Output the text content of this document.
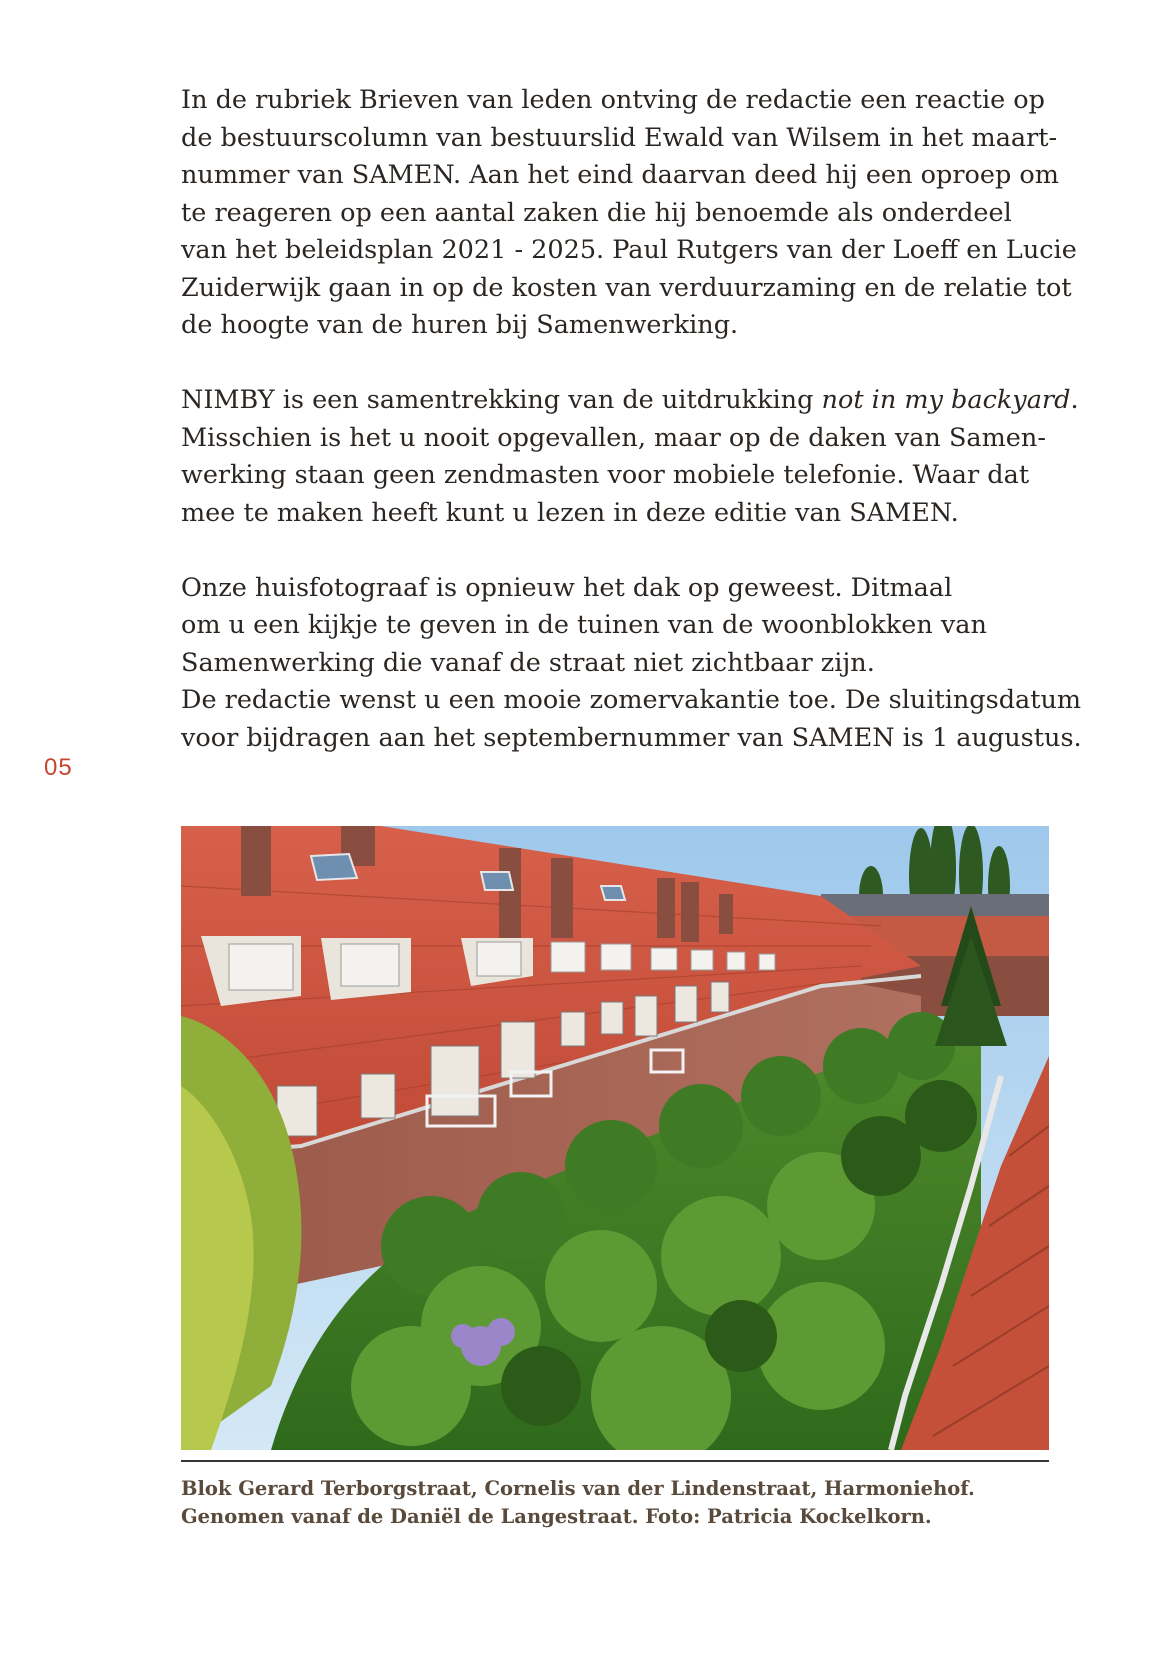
05

In de rubriek Brieven van leden ontving de redactie een reactie op
de bestuurscolumn van bestuurslid Ewald van Wilsem in het maart-
nummer van SAMEN. Aan het eind daarvan deed hij een oproep om
te reageren op een aantal zaken die hij benoemde als onderdeel
van het beleidsplan 2021 - 2025. Paul Rutgers van der Loeff en Lucie
Zuiderwijk gaan in op de kosten van verduurzaming en de relatie tot
de hoogte van de huren bij Samenwerking.

NIMBY is een samentrekking van de uitdrukking not in my backyard.
Misschien is het u nooit opgevallen, maar op de daken van Samen-
werking staan geen zendmasten voor mobiele telefonie. Waar dat
mee te maken heeft kunt u lezen in deze editie van SAMEN.

Onze huisfotograaf is opnieuw het dak op geweest. Ditmaal
om u een kijkje te geven in de tuinen van de woonblokken van
Samenwerking die vanaf de straat niet zichtbaar zijn.
De redactie wenst u een mooie zomervakantie toe. De sluitingsdatum
voor bijdragen aan het septembernummer van SAMEN is 1 augustus.

Blok Gerard Terborgstraat, Cornelis van der Lindenstraat, Harmoniehof.
Genomen vanaf de Daniël de Langestraat. Foto: Patricia Kockelkorn.
